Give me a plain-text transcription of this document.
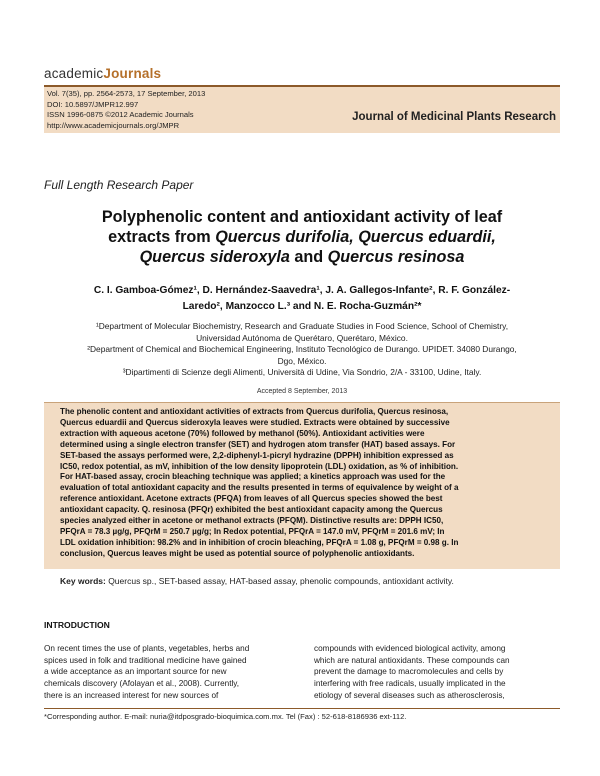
academicJournals
Vol. 7(35), pp. 2564-2573, 17 September, 2013
DOI: 10.5897/JMPR12.997
ISSN 1996-0875 ©2012 Academic Journals
http://www.academicjournals.org/JMPR
Journal of Medicinal Plants Research
Full Length Research Paper
Polyphenolic content and antioxidant activity of leaf
extracts from Quercus durifolia, Quercus eduardii,
Quercus sideroxyla and Quercus resinosa
C. I. Gamboa-Gómez¹, D. Hernández-Saavedra¹, J. A. Gallegos-Infante², R. F. González-
Laredo², Manzocco L.³ and N. E. Rocha-Guzmán²*
¹Department of Molecular Biochemistry, Research and Graduate Studies in Food Science, School of Chemistry,
Universidad Autónoma de Querétaro, Querétaro, México.
²Department of Chemical and Biochemical Engineering, Instituto Tecnológico de Durango. UPIDET. 34080 Durango,
Dgo, México.
³Dipartimenti di Scienze degli Alimenti, Università di Udine, Via Sondrio, 2/A - 33100, Udine, Italy.
Accepted 8 September, 2013
The phenolic content and antioxidant activities of extracts from Quercus durifolia, Quercus resinosa,
Quercus eduardii and Quercus sideroxyla leaves were studied. Extracts were obtained by successive
extraction with aqueous acetone (70%) followed by methanol (50%). Antioxidant activities were
determined using a single electron transfer (SET) and hydrogen atom transfer (HAT) based assays. For
SET-based the assays performed were, 2,2-diphenyl-1-picryl hydrazine (DPPH) inhibition expressed as
IC50, redox potential, as mV, inhibition of the low density lipoprotein (LDL) oxidation, as % of inhibition.
For HAT-based assay, crocin bleaching technique was applied; a kinetics approach was used for the
evaluation of total antioxidant capacity and the results presented in terms of equivalence by weight of a
reference antioxidant. Acetone extracts (PFQA) from leaves of all Quercus species showed the best
antioxidant capacity. Q. resinosa (PFQr) exhibited the best antioxidant capacity among the Quercus
species analyzed either in acetone or methanol extracts (PFQM). Distinctive results are: DPPH IC50,
PFQrA = 78.3 µg/g, PFQrM = 250.7 µg/g; In Redox potential, PFQrA = 147.0 mV, PFQrM = 201.6 mV; In
LDL oxidation inhibition: 98.2% and in inhibition of crocin bleaching, PFQrA = 1.08 g, PFQrM = 0.98 g. In
conclusion, Quercus leaves might be used as potential source of polyphenolic antioxidants.
Key words: Quercus sp., SET-based assay, HAT-based assay, phenolic compounds, antioxidant activity.
INTRODUCTION
On recent times the use of plants, vegetables, herbs and
spices used in folk and traditional medicine have gained
a wide acceptance as an important source for new
chemicals discovery (Afolayan et al., 2008). Currently,
there is an increased interest for new sources of
compounds with evidenced biological activity, among
which are natural antioxidants. These compounds can
prevent the damage to macromolecules and cells by
interfering with free radicals, usually implicated in the
etiology of several diseases such as atherosclerosis,
*Corresponding author. E-mail: nuria@itdposgrado-bioquimica.com.mx. Tel (Fax) : 52-618-8186936 ext-112.
